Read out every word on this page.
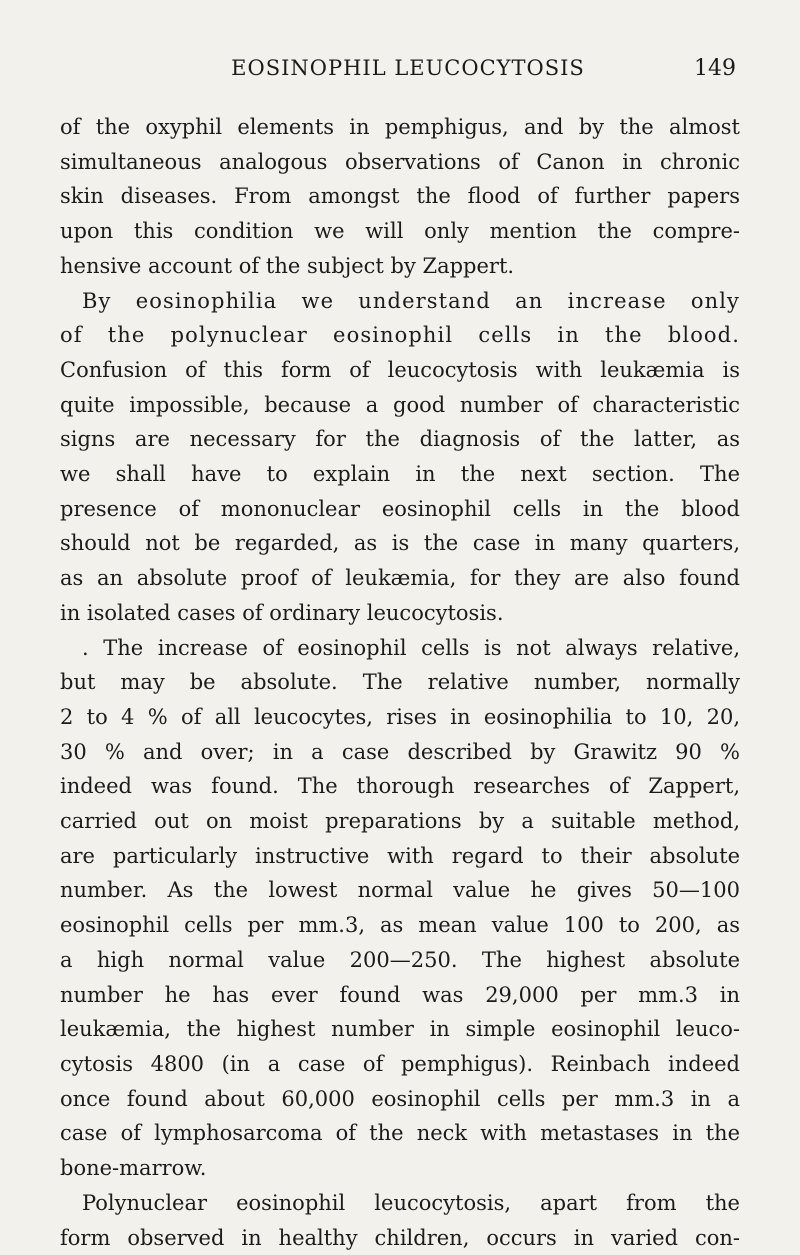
EOSINOPHIL LEUCOCYTOSIS	149
of the oxyphil elements in pemphigus, and by the almost
simultaneous analogous observations of Canon in chronic
skin diseases. From amongst the flood of further papers
upon this condition we will only mention the compre-
hensive account of the subject by Zappert.
By eosinophilia we understand an increase only
of the polynuclear eosinophil cells in the blood.
Confusion of this form of leucocytosis with leukæmia is
quite impossible, because a good number of characteristic
signs are necessary for the diagnosis of the latter, as
we shall have to explain in the next section. The
presence of mononuclear eosinophil cells in the blood
should not be regarded, as is the case in many quarters,
as an absolute proof of leukæmia, for they are also found
in isolated cases of ordinary leucocytosis.
. The increase of eosinophil cells is not always relative,
but may be absolute. The relative number, normally
2 to 4 % of all leucocytes, rises in eosinophilia to 10, 20,
30 % and over; in a case described by Grawitz 90 %
indeed was found. The thorough researches of Zappert,
carried out on moist preparations by a suitable method,
are particularly instructive with regard to their absolute
number. As the lowest normal value he gives 50—100
eosinophil cells per mm.3, as mean value 100 to 200, as
a high normal value 200—250. The highest absolute
number he has ever found was 29,000 per mm.3 in
leukæmia, the highest number in simple eosinophil leuco-
cytosis 4800 (in a case of pemphigus). Reinbach indeed
once found about 60,000 eosinophil cells per mm.3 in a
case of lymphosarcoma of the neck with metastases in the
bone-marrow.
Polynuclear eosinophil leucocytosis, apart from the
form observed in healthy children, occurs in varied con-
